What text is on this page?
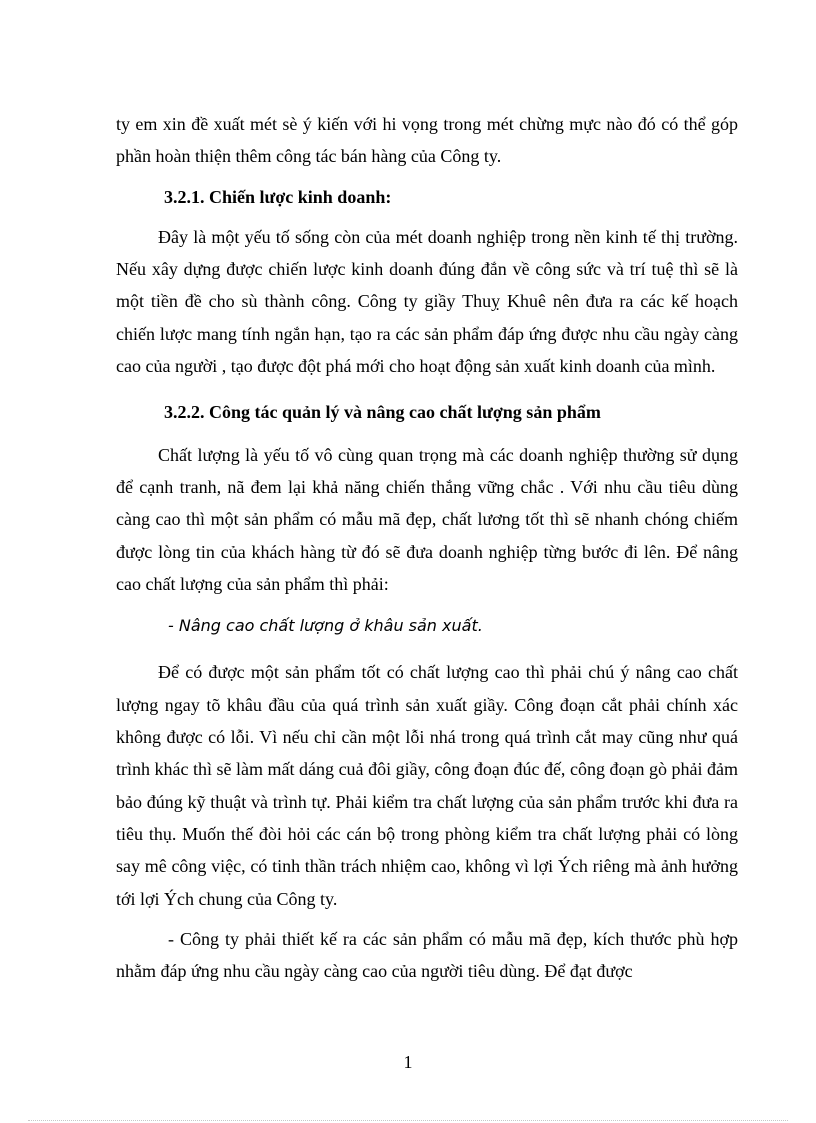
ty em xin đề xuất mét sè ý kiến với hi vọng trong mét chừng mực nào đó có thể góp phần hoàn thiện thêm công tác bán hàng của Công ty.

3.2.1. Chiến lược kinh doanh:

Đây là một yếu tố sống còn của mét doanh nghiệp trong nền kinh tế thị trường. Nếu xây dựng được chiến lược kinh doanh đúng đắn về công sức và trí tuệ thì sẽ là một tiền đề cho sù thành công. Công ty giầy Thuỵ Khuê nên đưa ra các kế hoạch chiến lược mang tính ngắn hạn, tạo ra các sản phẩm đáp ứng được nhu cầu ngày càng cao của người , tạo được đột phá mới cho hoạt động sản xuất kinh doanh của mình.

3.2.2. Công tác quản lý và nâng cao chất lượng sản phẩm

Chất lượng là yếu tố vô cùng quan trọng mà các doanh nghiệp thường sử dụng để cạnh tranh, nã đem lại khả năng chiến thắng vững chắc . Với nhu cầu tiêu dùng càng cao thì một sản phẩm có mẫu mã đẹp, chất lương tốt thì sẽ nhanh chóng chiếm được lòng tin của khách hàng từ đó sẽ đưa doanh nghiệp từng bước đi lên. Để nâng cao chất lượng của sản phẩm thì phải:

- Nâng cao chất lượng ở khâu sản xuất.

Để có được một sản phẩm tốt có chất lượng cao thì phải chú ý nâng cao chất lượng ngay tõ khâu đầu của quá trình sản xuất giầy. Công đoạn cắt phải chính xác không được có lỗi. Vì nếu chỉ cần một lỗi nhá trong quá trình cắt may cũng như quá trình khác thì sẽ làm mất dáng cuả đôi giầy, công đoạn đúc đế, công đoạn gò phải đảm bảo đúng kỹ thuật và trình tự. Phải kiểm tra chất lượng của sản phẩm trước khi đưa ra tiêu thụ. Muốn thế đòi hỏi các cán bộ trong phòng kiểm tra chất lượng phải có lòng say mê công việc, có tinh thần trách nhiệm cao, không vì lợi Ých riêng mà ảnh hưởng tới lợi Ých chung của Công ty.

- Công ty phải thiết kế ra các sản phẩm có mẫu mã đẹp, kích thước phù hợp nhằm đáp ứng nhu cầu ngày càng cao của người tiêu dùng. Để đạt được

1
